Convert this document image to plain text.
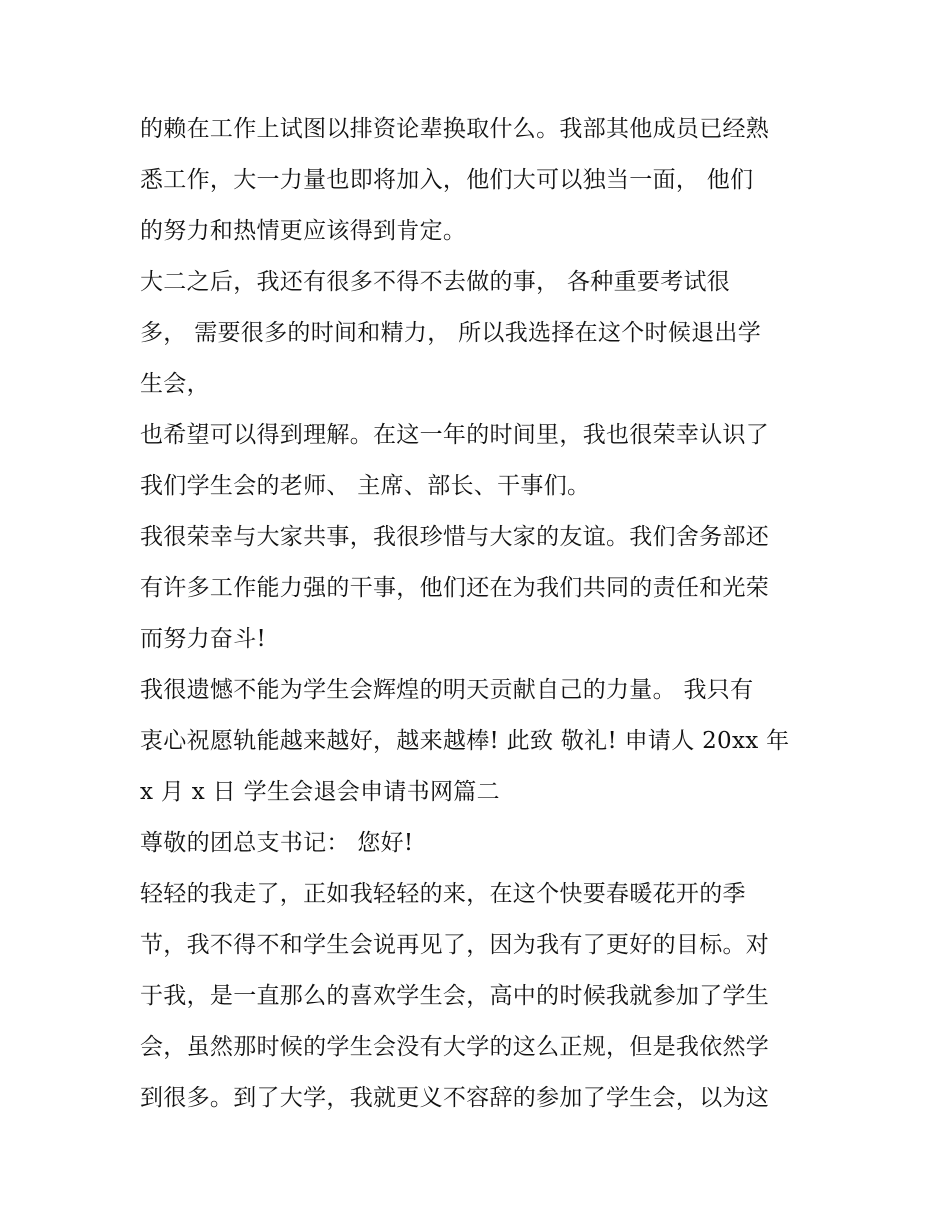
的赖在工作上试图以排资论辈换取什么。我部其他成员已经熟
悉工作，大一力量也即将加入，他们大可以独当一面， 他们
的努力和热情更应该得到肯定。
大二之后，我还有很多不得不去做的事， 各种重要考试很
多， 需要很多的时间和精力， 所以我选择在这个时候退出学
生会，
也希望可以得到理解。在这一年的时间里，我也很荣幸认识了
我们学生会的老师、 主席、部长、干事们。
我很荣幸与大家共事，我很珍惜与大家的友谊。我们舍务部还
有许多工作能力强的干事，他们还在为我们共同的责任和光荣
而努力奋斗!
我很遗憾不能为学生会辉煌的明天贡献自己的力量。 我只有
衷心祝愿轨能越来越好，越来越棒! 此致 敬礼! 申请人 20xx 年
x 月 x 日 学生会退会申请书网篇二
尊敬的团总支书记： 您好!
轻轻的我走了，正如我轻轻的来，在这个快要春暖花开的季
节，我不得不和学生会说再见了，因为我有了更好的目标。对
于我，是一直那么的喜欢学生会，高中的时候我就参加了学生
会，虽然那时候的学生会没有大学的这么正规，但是我依然学
到很多。到了大学，我就更义不容辞的参加了学生会，以为这
